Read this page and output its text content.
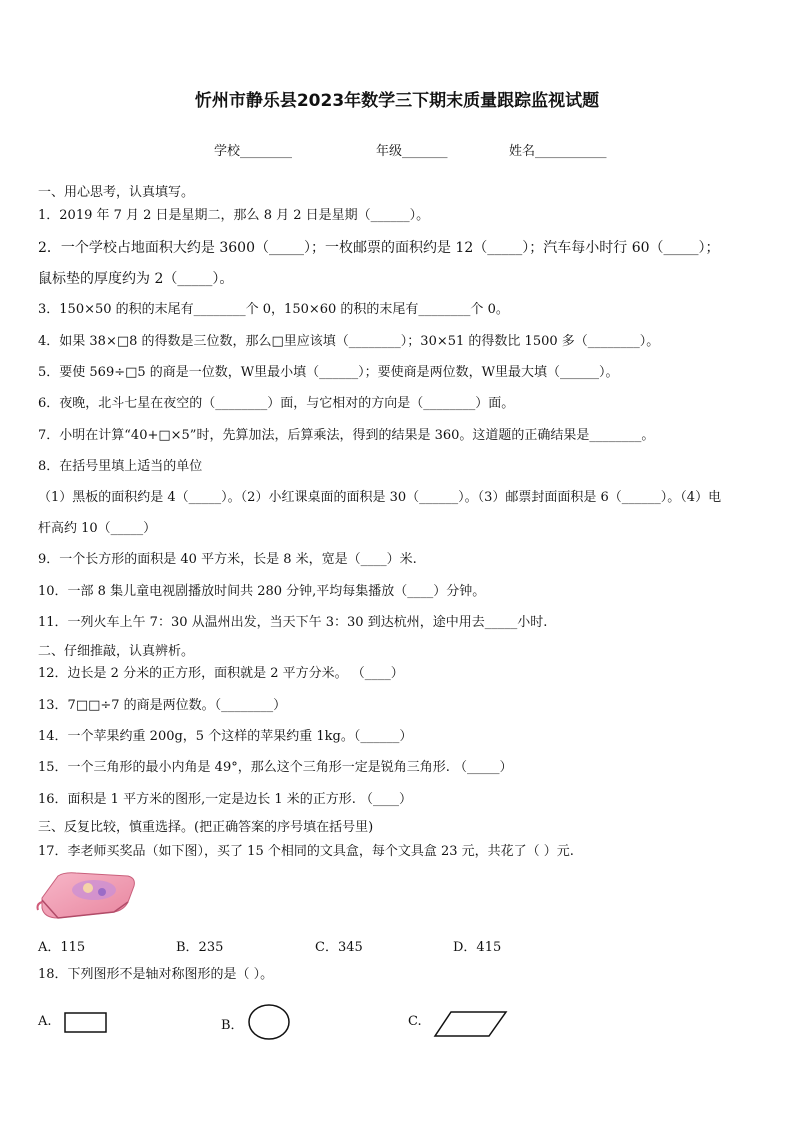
忻州市静乐县2023年数学三下期末质量跟踪监视试题
学校________	年级_______	姓名___________
一、用心思考，认真填写。
1．2019 年 7 月 2 日是星期二，那么 8 月 2 日是星期（______）。
2．一个学校占地面积大约是 3600（_____）；一枚邮票的面积约是 12（_____）；汽车每小时行 60（_____）；
鼠标垫的厚度约为 2（_____）。
3．150×50 的积的末尾有________个 0，150×60 的积的末尾有________个 0。
4．如果 38×□8 的得数是三位数，那么□里应该填（________）；30×51 的得数比 1500 多（________）。
5．要使 569÷□5 的商是一位数，W里最小填（______）；要使商是两位数，W里最大填（______）。
6．夜晚，北斗七星在夜空的（________）面，与它相对的方向是（________）面。
7．小明在计算“40+□×5”时，先算加法，后算乘法，得到的结果是 360。这道题的正确结果是________。
8．在括号里填上适当的单位
（1）黑板的面积约是 4（_____）。（2）小红课桌面的面积是 30（______）。（3）邮票封面面积是 6（______）。（4）电
杆高约 10（_____）
9．一个长方形的面积是 40 平方米，长是 8 米，宽是（____）米.
10．一部 8 集儿童电视剧播放时间共 280 分钟,平均每集播放（____）分钟。
11．一列火车上午 7：30 从温州出发，当天下午 3：30 到达杭州，途中用去_____小时.
二、仔细推敲，认真辨析。
12．边长是 2 分米的正方形，面积就是 2 平方分米。 （____）
13．7□□÷7 的商是两位数。（________）
14．一个苹果约重 200g，5 个这样的苹果约重 1kg。（______）
15．一个三角形的最小内角是 49°，那么这个三角形一定是锐角三角形. （_____）
16．面积是 1 平方米的图形,一定是边长 1 米的正方形. （____）
三、反复比较，慎重选择。(把正确答案的序号填在括号里)
17．李老师买奖品（如下图），买了 15 个相同的文具盒，每个文具盒 23 元，共花了（ ）元.
A．115	B．235	C．345	D．415
18．下列图形不是轴对称图形的是（ ）。
A.	B．	C.
